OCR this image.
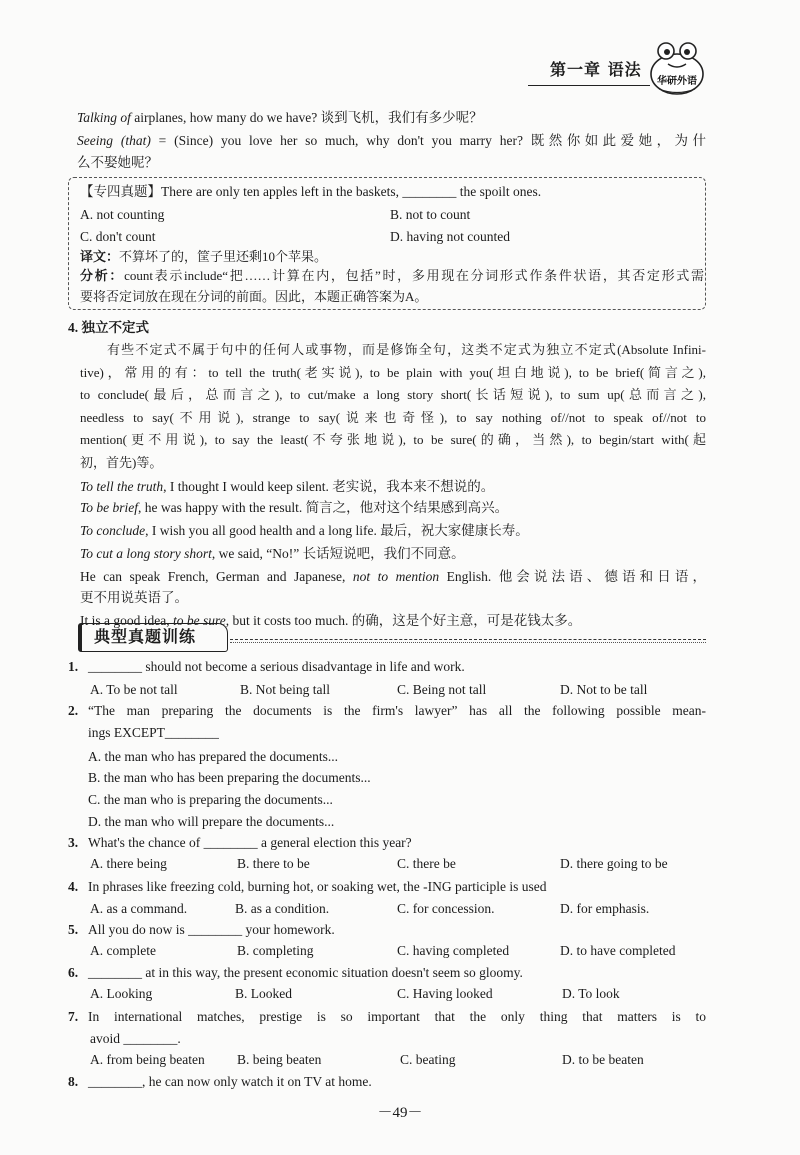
第一章 语法
华研外语
Talking of airplanes, how many do we have? 谈到飞机，我们有多少呢？
Seeing (that) = (Since) you love her so much, why don't you marry her? 既然你如此爱她，为什
么不娶她呢？
【专四真题】There are only ten apples left in the baskets, ________ the spoilt ones.
A. not counting	B. not to count
C. don't count	D. having not counted
译文：不算坏了的，筐子里还剩10个苹果。
分析：count表示include“把……计算在内，包括”时，多用现在分词形式作条件状语，其否定形式需
要将否定词放在现在分词的前面。因此，本题正确答案为A。
4. 独立不定式
有些不定式不属于句中的任何人或事物，而是修饰全句，这类不定式为独立不定式(Absolute Infini-
tive)，常用的有：to tell the truth(老实说), to be plain with you(坦白地说), to be brief(简言之),
to conclude(最后，总而言之), to cut/make a long story short(长话短说), to sum up(总而言之),
needless to say(不用说), strange to say(说来也奇怪), to say nothing of//not to speak of//not to
mention(更不用说), to say the least(不夸张地说), to be sure(的确，当然), to begin/start with(起
初，首先)等。
To tell the truth, I thought I would keep silent. 老实说，我本来不想说的。
To be brief, he was happy with the result. 简言之，他对这个结果感到高兴。
To conclude, I wish you all good health and a long life. 最后，祝大家健康长寿。
To cut a long story short, we said, “No!” 长话短说吧，我们不同意。
He can speak French, German and Japanese, not to mention English. 他会说法语、德语和日语，
更不用说英语了。
It is a good idea, to be sure, but it costs too much. 的确，这是个好主意，可是花钱太多。
典型真题训练
1. ________ should not become a serious disadvantage in life and work.
A. To be not tall	B. Not being tall	C. Being not tall	D. Not to be tall
2. “The man preparing the documents is the firm's lawyer” has all the following possible mean-
ings EXCEPT________
A. the man who has prepared the documents...
B. the man who has been preparing the documents...
C. the man who is preparing the documents...
D. the man who will prepare the documents...
3. What's the chance of ________ a general election this year?
A. there being	B. there to be	C. there be	D. there going to be
4. In phrases like freezing cold, burning hot, or soaking wet, the -ING participle is used
A. as a command.	B. as a condition.	C. for concession.	D. for emphasis.
5. All you do now is ________ your homework.
A. complete	B. completing	C. having completed	D. to have completed
6. ________ at in this way, the present economic situation doesn't seem so gloomy.
A. Looking	B. Looked	C. Having looked	D. To look
7. In international matches, prestige is so important that the only thing that matters is to
avoid ________.
A. from being beaten B. being beaten	C. beating	D. to be beaten
8. ________, he can now only watch it on TV at home.
－49－
